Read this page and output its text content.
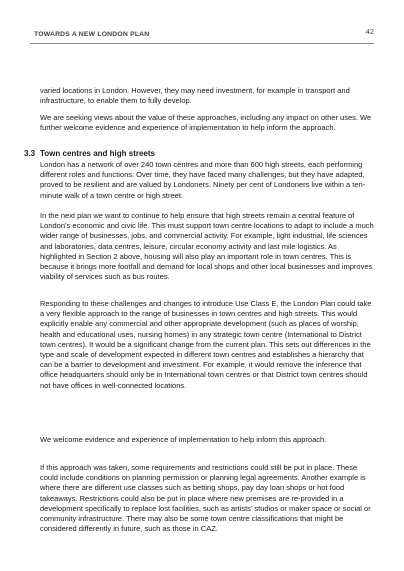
TOWARDS A NEW LONDON PLAN	42

varied locations in London. However, they may need investment, for example in transport and infrastructure, to enable them to fully develop.

We are seeking views about the value of these approaches, including any impact on other uses. We further welcome evidence and experience of implementation to help inform the approach.

3.3 Town centres and high streets

London has a network of over 240 town centres and more than 600 high streets, each performing different roles and functions. Over time, they have faced many challenges, but they have adapted, proved to be resilient and are valued by Londoners. Ninety per cent of Londoners live within a ten-minute walk of a town centre or high street.

In the next plan we want to continue to help ensure that high streets remain a central feature of London’s economic and civic life. This must support town centre locations to adapt to include a much wider range of businesses, jobs, and commercial activity. For example, light industrial, life sciences and laboratories, data centres, leisure, circular economy activity and last mile logistics. As highlighted in Section 2 above, housing will also play an important role in town centres. This is because it brings more footfall and demand for local shops and other local businesses and improves viability of services such as bus routes.

Responding to these challenges and changes to introduce Use Class E, the London Plan could take a very flexible approach to the range of businesses in town centres and high streets. This would explicitly enable any commercial and other appropriate development (such as places of worship, health and educational uses, nursing homes) in any strategic town centre (International to District town centres). It would be a significant change from the current plan. This sets out differences in the type and scale of development expected in different town centres and establishes a hierarchy that can be a barrier to development and investment. For example, it would remove the inference that office headquarters should only be in International town centres or that District town centres should not have offices in well-connected locations.

We welcome evidence and experience of implementation to help inform this approach.

If this approach was taken, some requirements and restrictions could still be put in place. These could include conditions on planning permission or planning legal agreements. Another example is where there are different use classes such as betting shops, pay day loan shops or hot food takeaways. Restrictions could also be put in place where new premises are re-provided in a development specifically to replace lost facilities, such as artists’ studios or maker space or social or community infrastructure. There may also be some town centre classifications that might be considered differently in future, such as those in CAZ.
